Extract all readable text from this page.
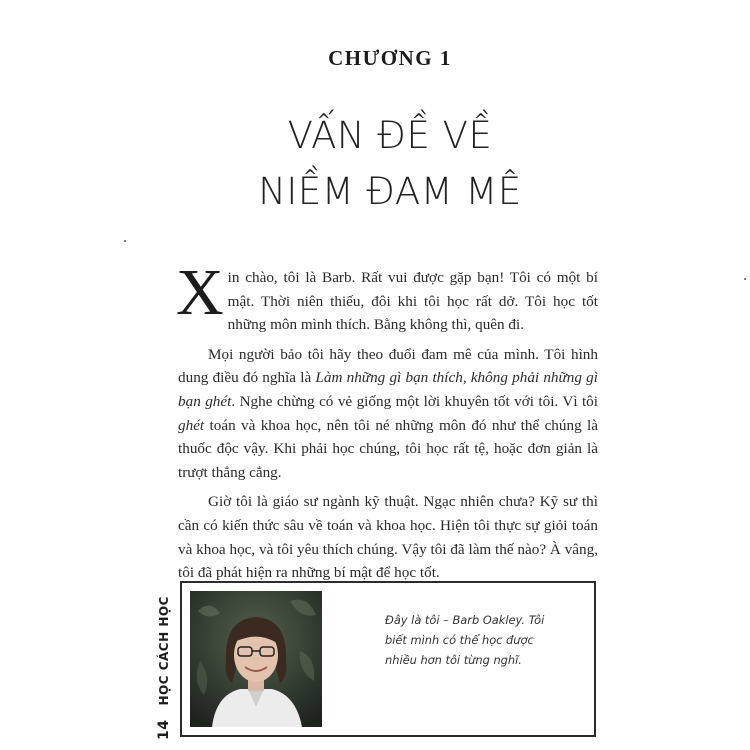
CHƯƠNG 1
VẤN ĐỀ VỀ
NIỀM ĐAM MÊ

Xin chào, tôi là Barb. Rất vui được gặp bạn! Tôi có một bí mật. Thời niên thiếu, đôi khi tôi học rất dở. Tôi học tốt những môn mình thích. Bằng không thì, quên đi.

Mọi người bảo tôi hãy theo đuổi đam mê của mình. Tôi hình dung điều đó nghĩa là Làm những gì bạn thích, không phải những gì bạn ghét. Nghe chừng có vẻ giống một lời khuyên tốt với tôi. Vì tôi ghét toán và khoa học, nên tôi né những môn đó như thể chúng là thuốc độc vậy. Khi phải học chúng, tôi học rất tệ, hoặc đơn giản là trượt thẳng cẳng.

Giờ tôi là giáo sư ngành kỹ thuật. Ngạc nhiên chưa? Kỹ sư thì cần có kiến thức sâu về toán và khoa học. Hiện tôi thực sự giỏi toán và khoa học, và tôi yêu thích chúng. Vậy tôi đã làm thế nào? À vâng, tôi đã phát hiện ra những bí mật để học tốt.

Đây là tôi – Barb Oakley. Tôi biết mình có thể học được nhiều hơn tôi từng nghĩ.
14HỌC CÁCH HỌC
